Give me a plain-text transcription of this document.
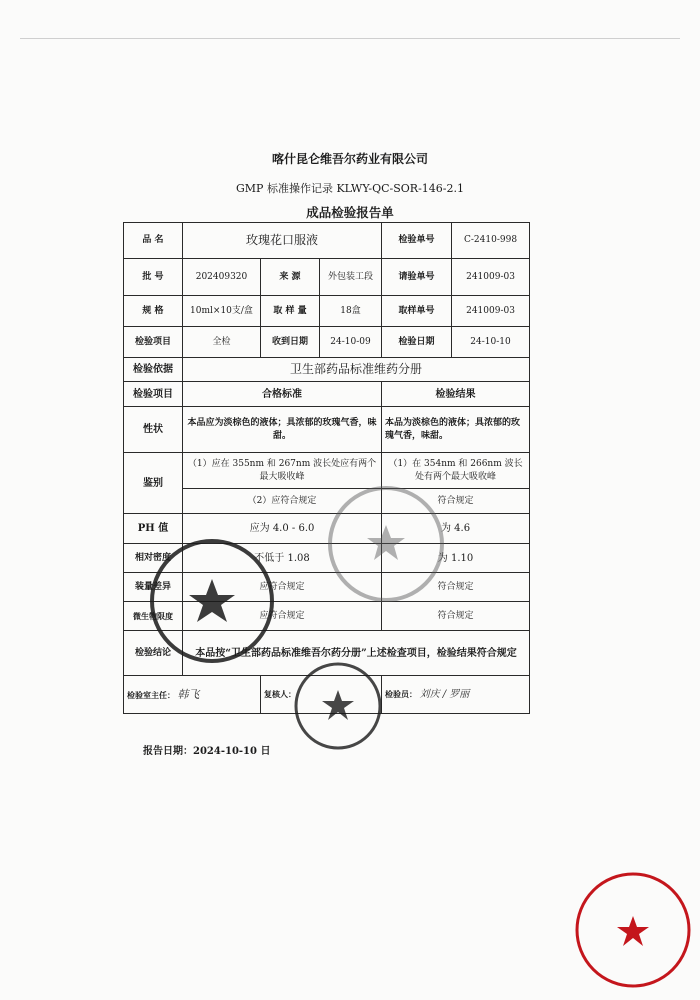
喀什昆仑维吾尔药业有限公司
GMP 标准操作记录 KLWY-QC-SOR-146-2.1
成品检验报告单
品 名	玫瑰花口服液			检验单号	C-2410-998
批 号	202409320	来 源	外包装工段	请验单号	241009-03
规 格	10ml×10支/盒	取 样 量	18盒	取样单号	241009-03
检验项目	全检	收到日期	24-10-09	检验日期	24-10-10
检验依据	卫生部药品标准维药分册				
检验项目	合格标准			检验结果	
性状	本品应为淡棕色的液体；具浓郁的玫瑰气香，味甜。			本品为淡棕色的液体；具浓郁的玫瑰气香，味甜。	
鉴别	（1）应在 355nm 和 267nm 波长处应有两个最大吸收峰			（1）在 354nm 和 266nm 波长处有两个最大吸收峰	
	（2）应符合规定			符合规定	
PH 值	应为 4.0 - 6.0			为 4.6	
相对密度	不低于 1.08			为 1.10	
装量差异	应符合规定			符合规定	
微生物限度	应符合规定			符合规定	
检验结论	本品按“卫生部药品标准维吾尔药分册”上述检查项目，检验结果符合规定				
检验室主任： 韩飞		复核人：		检验员： 刘庆 / 罗丽	
报告日期：2024-10-10 日
